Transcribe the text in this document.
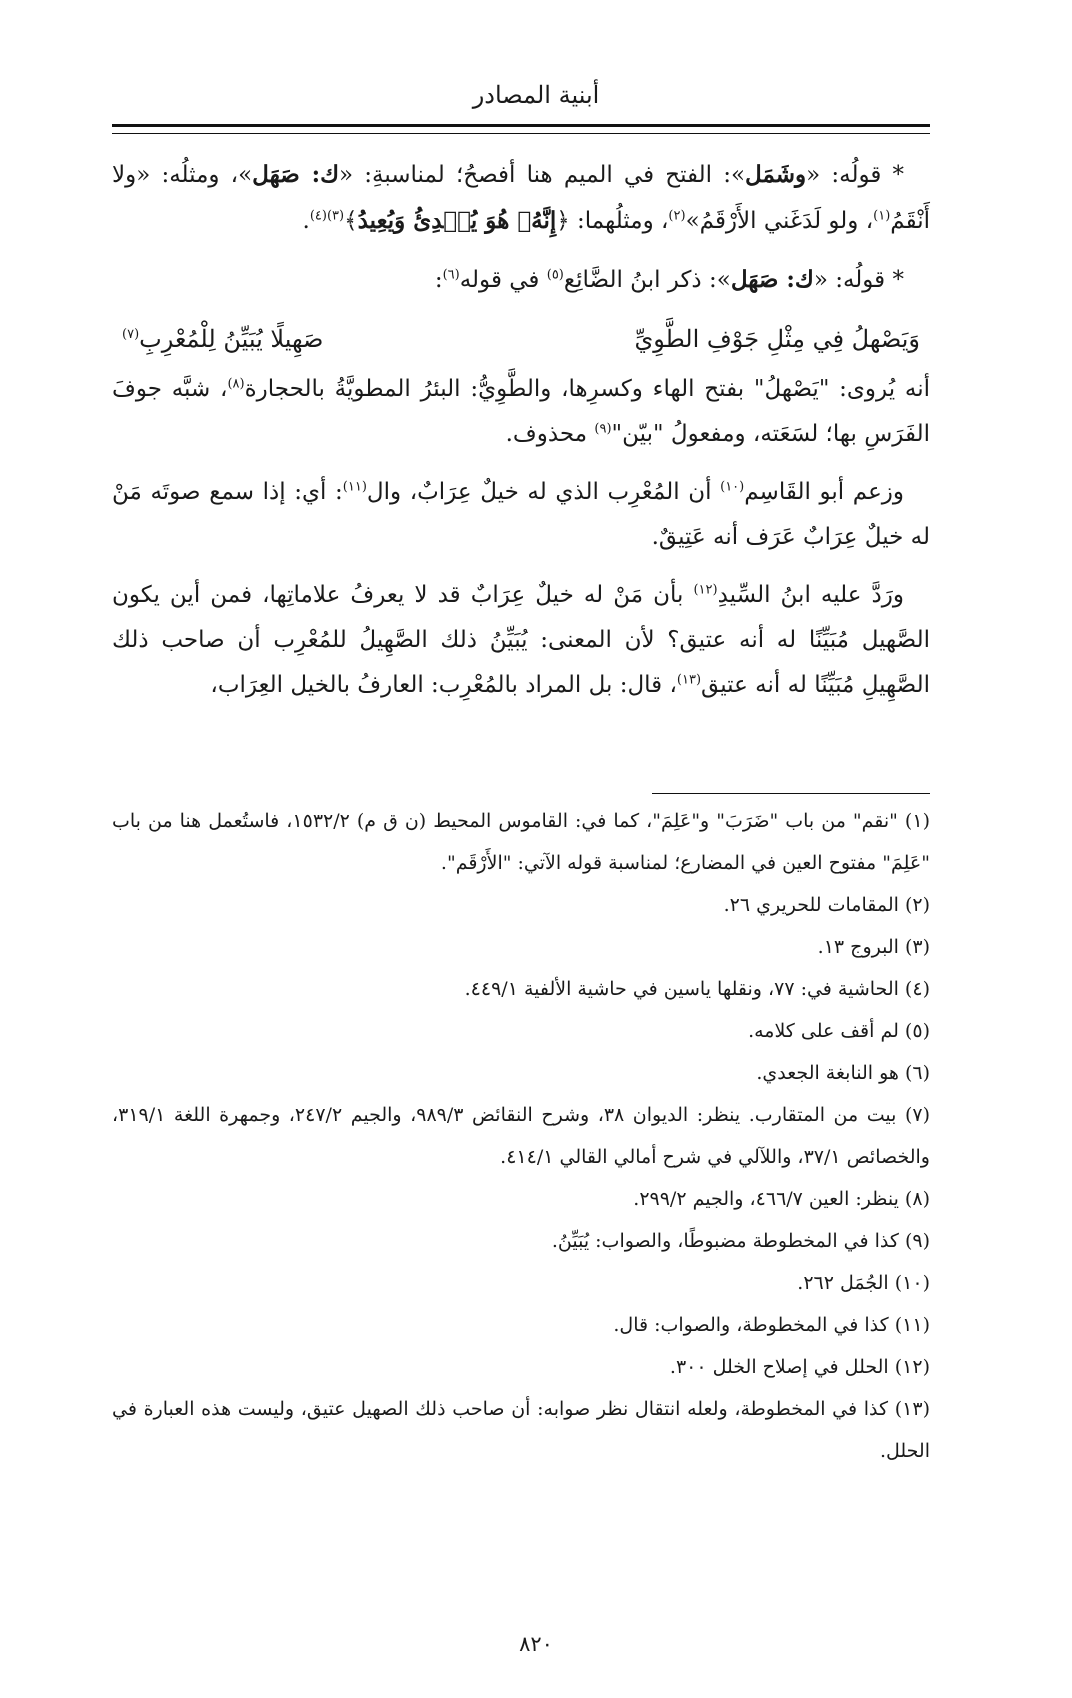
أبنية المصادر

* قولُه: «وشَمَل»: الفتح في الميم هنا أفصحُ؛ لمناسبةِ: «ك: صَهَل»، ومثلُه: «ولا أَنْقَمُ$^{(١)}$، ولو لَدَغَني الأَرْقَمُ»$^{(٢)}$، ومثلُهما: ﴿إِنَّهُۥ هُوَ يُبۡدِئُ وَيُعِيدُ﴾$^{(٣)(٤)}$.

* قولُه: «ك: صَهَل»: ذكر ابنُ الضَّائِع$^{(٥)}$ في قوله$^{(٦)}$:

وَيَصْهلُ فِي مِثْلِ جَوْفِ الطَّوِيِّ
صَهِيلًا يُبَيِّنُ لِلْمُعْرِبِ$^{(٧)}$

أنه يُروى: "يَصْهلُ" بفتح الهاء وكسرِها، والطَّوِيُّ: البئرُ المطويَّةُ بالحجارة$^{(٨)}$، شبَّه جوفَ الفَرَسِ بها؛ لسَعَته، ومفعولُ "بيّن"$^{(٩)}$ محذوف.

وزعم أبو القَاسِم$^{(١٠)}$ أن المُعْرِب الذي له خيلٌ عِرَابٌ، وال$^{(١١)}$: أي: إذا سمع صوتَه مَنْ له خيلٌ عِرَابٌ عَرَف أنه عَتِيقٌ.

ورَدَّ عليه ابنُ السِّيدِ$^{(١٢)}$ بأن مَنْ له خيلٌ عِرَابٌ قد لا يعرفُ علاماتِها، فمن أين يكون الصَّهيل مُبَيِّنًا له أنه عتيق؟ لأن المعنى: يُبَيِّنُ ذلك الصَّهِيلُ للمُعْرِب أن صاحب ذلك الصَّهِيلِ مُبَيِّنًا له أنه عتيق$^{(١٣)}$، قال: بل المراد بالمُعْرِب: العارفُ بالخيل العِرَاب،

(١) "نقم" من باب "ضَرَبَ" و"عَلِمَ"، كما في: القاموس المحيط (ن ق م) ١٥٣٢/٢، فاستُعمل هنا من باب "عَلِمَ" مفتوح العين في المضارع؛ لمناسبة قوله الآتي: "الأَرْقَم".

(٢) المقامات للحريري ٢٦.

(٣) البروج ١٣.

(٤) الحاشية في: ٧٧، ونقلها ياسين في حاشية الألفية ٤٤٩/١.

(٥) لم أقف على كلامه.

(٦) هو النابغة الجعدي.

(٧) بيت من المتقارب. ينظر: الديوان ٣٨، وشرح النقائض ٩٨٩/٣، والجيم ٢٤٧/٢، وجمهرة اللغة ٣١٩/١، والخصائص ٣٧/١، واللآلي في شرح أمالي القالي ٤١٤/١.

(٨) ينظر: العين ٤٦٦/٧، والجيم ٢٩٩/٢.

(٩) كذا في المخطوطة مضبوطًا، والصواب: يُبَيِّنُ.

(١٠) الجُمَل ٢٦٢.

(١١) كذا في المخطوطة، والصواب: قال.

(١٢) الحلل في إصلاح الخلل ٣٠٠.

(١٣) كذا في المخطوطة، ولعله انتقال نظر صوابه: أن صاحب ذلك الصهيل عتيق، وليست هذه العبارة في الحلل.

٨٢٠
